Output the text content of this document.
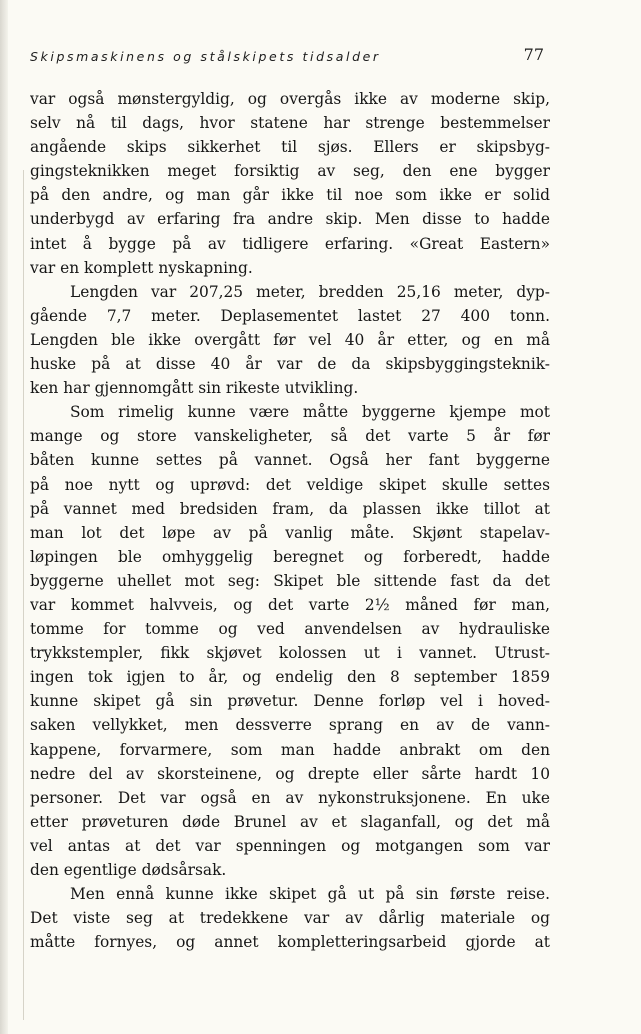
Skipsmaskinens og stålskipets tidsalder	77
var også mønstergyldig, og overgås ikke av moderne skip,
selv nå til dags, hvor statene har strenge bestemmelser
angående skips sikkerhet til sjøs. Ellers er skipsbyg-
gingsteknikken meget forsiktig av seg, den ene bygger
på den andre, og man går ikke til noe som ikke er solid
underbygd av erfaring fra andre skip. Men disse to hadde
intet å bygge på av tidligere erfaring. «Great Eastern»
var en komplett nyskapning.
Lengden var 207,25 meter, bredden 25,16 meter, dyp-
gående 7,7 meter. Deplasementet lastet 27 400 tonn.
Lengden ble ikke overgått før vel 40 år etter, og en må
huske på at disse 40 år var de da skipsbyggingsteknik-
ken har gjennomgått sin rikeste utvikling.
Som rimelig kunne være måtte byggerne kjempe mot
mange og store vanskeligheter, så det varte 5 år før
båten kunne settes på vannet. Også her fant byggerne
på noe nytt og uprøvd: det veldige skipet skulle settes
på vannet med bredsiden fram, da plassen ikke tillot at
man lot det løpe av på vanlig måte. Skjønt stapelav-
løpingen ble omhyggelig beregnet og forberedt, hadde
byggerne uhellet mot seg: Skipet ble sittende fast da det
var kommet halvveis, og det varte 2½ måned før man,
tomme for tomme og ved anvendelsen av hydrauliske
trykkstempler, fikk skjøvet kolossen ut i vannet. Utrust-
ingen tok igjen to år, og endelig den 8 september 1859
kunne skipet gå sin prøvetur. Denne forløp vel i hoved-
saken vellykket, men dessverre sprang en av de vann-
kappene, forvarmere, som man hadde anbrakt om den
nedre del av skorsteinene, og drepte eller sårte hardt 10
personer. Det var også en av nykonstruksjonene. En uke
etter prøveturen døde Brunel av et slaganfall, og det må
vel antas at det var spenningen og motgangen som var
den egentlige dødsårsak.
Men ennå kunne ikke skipet gå ut på sin første reise.
Det viste seg at tredekkene var av dårlig materiale og
måtte fornyes, og annet kompletteringsarbeid gjorde at
